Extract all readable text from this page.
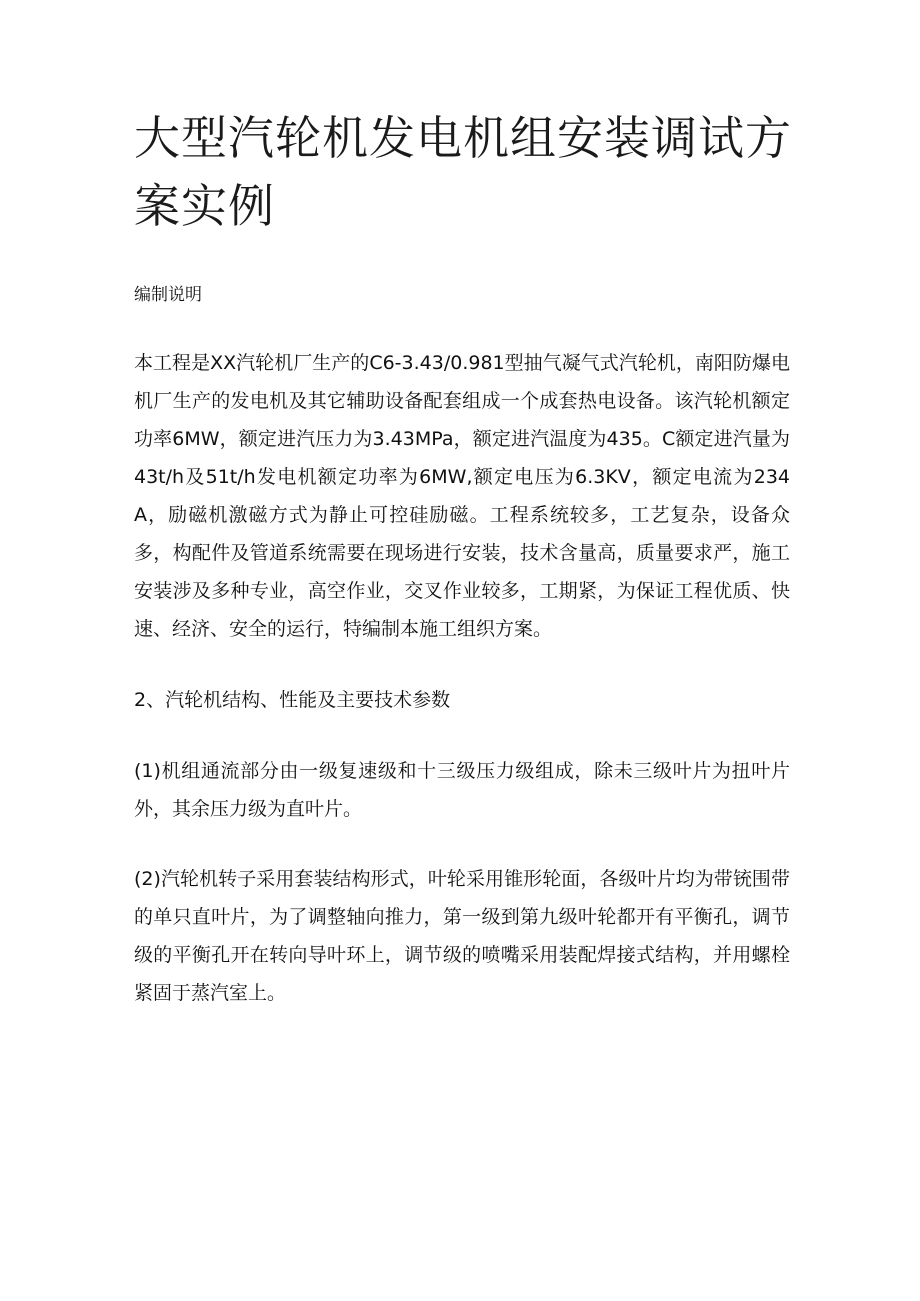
大型汽轮机发电机组安装调试方案实例

编制说明

本工程是XX汽轮机厂生产的C6-3.43/0.981型抽气凝气式汽轮机，南阳防爆电机厂生产的发电机及其它辅助设备配套组成一个成套热电设备。该汽轮机额定功率6MW，额定进汽压力为3.43MPa，额定进汽温度为435。C额定进汽量为43t/h及51t/h发电机额定功率为6MW,额定电压为6.3KV，额定电流为234A，励磁机激磁方式为静止可控硅励磁。工程系统较多，工艺复杂，设备众多，构配件及管道系统需要在现场进行安装，技术含量高，质量要求严，施工安装涉及多种专业，高空作业，交叉作业较多，工期紧，为保证工程优质、快速、经济、安全的运行，特编制本施工组织方案。

2、汽轮机结构、性能及主要技术参数

(1)机组通流部分由一级复速级和十三级压力级组成，除未三级叶片为扭叶片外，其余压力级为直叶片。

(2)汽轮机转子采用套装结构形式，叶轮采用锥形轮面，各级叶片均为带铳围带的单只直叶片，为了调整轴向推力，第一级到第九级叶轮都开有平衡孔，调节级的平衡孔开在转向导叶环上，调节级的喷嘴采用装配焊接式结构，并用螺栓紧固于蒸汽室上。
